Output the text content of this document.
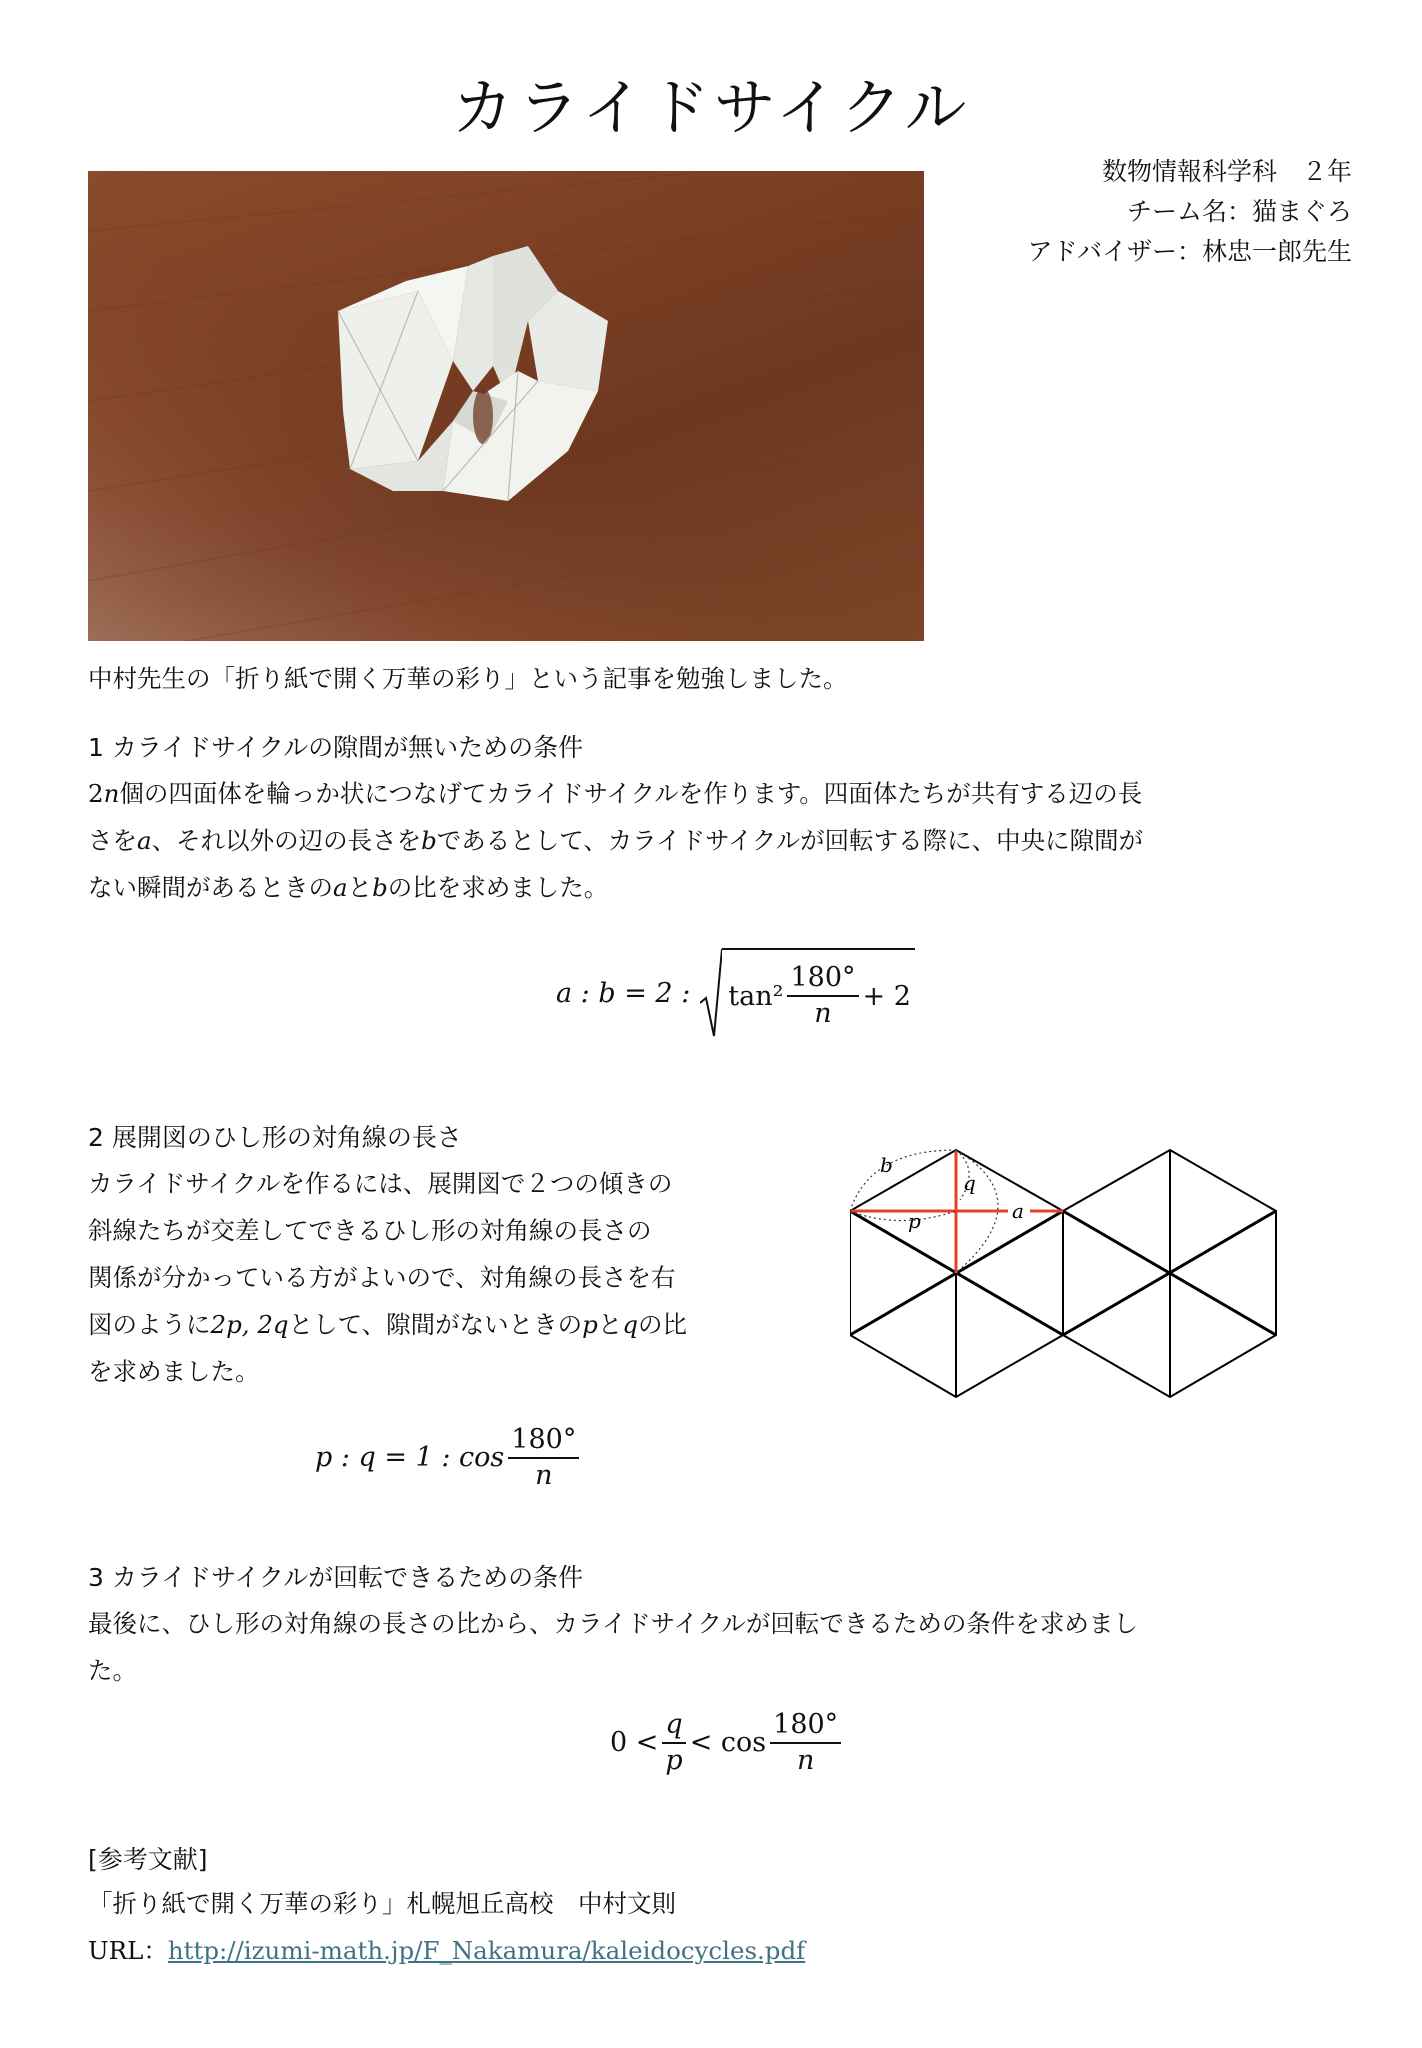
カライドサイクル
数物情報科学科　２年
チーム名：猫まぐろ
アドバイザー：林忠一郎先生
中村先生の「折り紙で開く万華の彩り」という記事を勉強しました。
1 カライドサイクルの隙間が無いための条件
2n個の四面体を輪っか状につなげてカライドサイクルを作ります。四面体たちが共有する辺の長
さをa、それ以外の辺の長さをbであるとして、カライドサイクルが回転する際に、中央に隙間が
ない瞬間があるときのaとbの比を求めました。
a : b = 2 : $\tan^2 \frac{180^\circ}{n} + 2$
2 展開図のひし形の対角線の長さ
カライドサイクルを作るには、展開図で２つの傾きの
斜線たちが交差してできるひし形の対角線の長さの
関係が分かっている方がよいので、対角線の長さを右
図のように2p, 2qとして、隙間がないときのpとqの比
を求めました。
p : q = 1 : $\cos \frac{180^\circ}{n}$
b
q
a
p
3 カライドサイクルが回転できるための条件
最後に、ひし形の対角線の長さの比から、カライドサイクルが回転できるための条件を求めまし
た。
$0 < \frac{q}{p} < \cos \frac{180^\circ}{n}$
[参考文献]
「折り紙で開く万華の彩り」札幌旭丘高校　中村文則
URL：http://izumi-math.jp/F_Nakamura/kaleidocycles.pdf
